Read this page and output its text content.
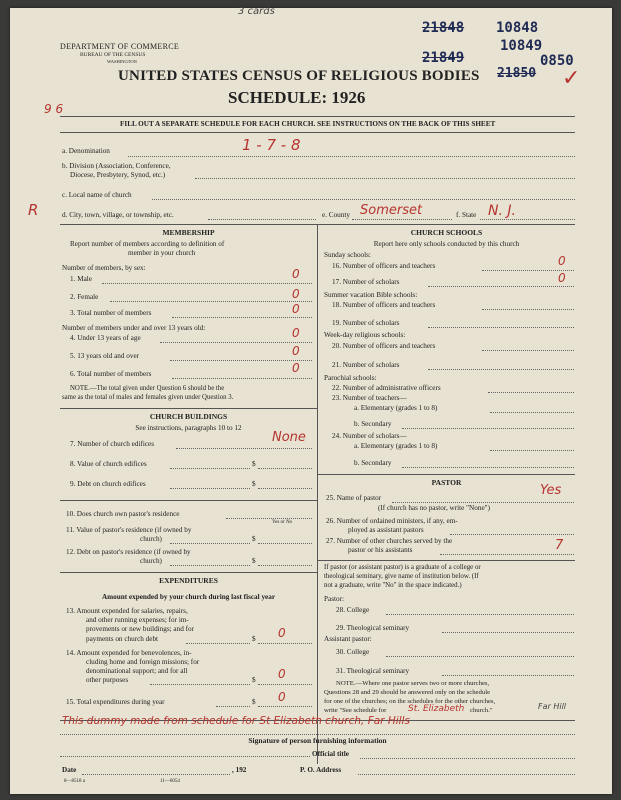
3 cards
21848 10848
21849
10849
21850
0850
✓
DEPARTMENT OF COMMERCE
BUREAU OF THE CENSUS
WASHINGTON
UNITED STATES CENSUS OF RELIGIOUS BODIES
SCHEDULE: 1926
9 6
FILL OUT A SEPARATE SCHEDULE FOR EACH CHURCH. SEE INSTRUCTIONS ON THE BACK OF THIS SHEET
a. Denomination	1 - 7 - 8
b. Division (Association, Conference,
Diocese, Presbytery, Synod, etc.)
c. Local name of church
R	d. City, town, village, or township, etc.	e. County Somerset	f. State N. J.
MEMBERSHIP
Report number of members according to definition of
member in your church
Number of members, by sex:
1. Male	0
2. Female	0
3. Total number of members	0
Number of members under and over 13 years old:
4. Under 13 years of age	0
5. 13 years old and over	0
6. Total number of members	0
NOTE.—The total given under Question 6 should be the
same as the total of males and females given under Question 3.
CHURCH BUILDINGS
See instructions, paragraphs 10 to 12
7. Number of church edifices	None
8. Value of church edifices	$
9. Debt on church edifices	$
10. Does church own pastor's residence
Yes or No
11. Value of pastor's residence (if owned by
church)	$
12. Debt on pastor's residence (if owned by
church)	$
EXPENDITURES
Amount expended by your church during last fiscal year
13. Amount expended for salaries, repairs,
and other running expenses; for im-
provements or new buildings; and for
payments on church debt	$ 0
14. Amount expended for benevolences, in-
cluding home and foreign missions; for
denominational support; and for all
other purposes	$ 0
15. Total expenditures during year	$ 0
CHURCH SCHOOLS
Report here only schools conducted by this church
Sunday schools:
16. Number of officers and teachers	0
17. Number of scholars	0
Summer vacation Bible schools:
18. Number of officers and teachers
19. Number of scholars
Week-day religious schools:
20. Number of officers and teachers
21. Number of scholars
Parochial schools:
22. Number of administrative officers
23. Number of teachers—
a. Elementary (grades 1 to 8)
b. Secondary
24. Number of scholars—
a. Elementary (grades 1 to 8)
b. Secondary
PASTOR
25. Name of pastor	Yes
(If church has no pastor, write "None")
26. Number of ordained ministers, if any, em-
ployed as assistant pastors
27. Number of other churches served by the
pastor or his assistants	7
If pastor (or assistant pastor) is a graduate of a college or
theological seminary, give name of institution below. (If
not a graduate, write "No" in the space indicated.)
Pastor:
28. College
29. Theological seminary
Assistant pastor:
30. College
31. Theological seminary
NOTE.—Where one pastor serves two or more churches,
Questions 28 and 29 should be answered only on the schedule
for one of the churches; on the schedules for the other churches,
write "See schedule for St. Elizabeth church."	Far Hill
This dummy made from schedule for St Elizabeth church, Far Hills
Signature of person furnishing information
Official title
Date	, 192	P. O. Address
8—8518 a	11—6054
